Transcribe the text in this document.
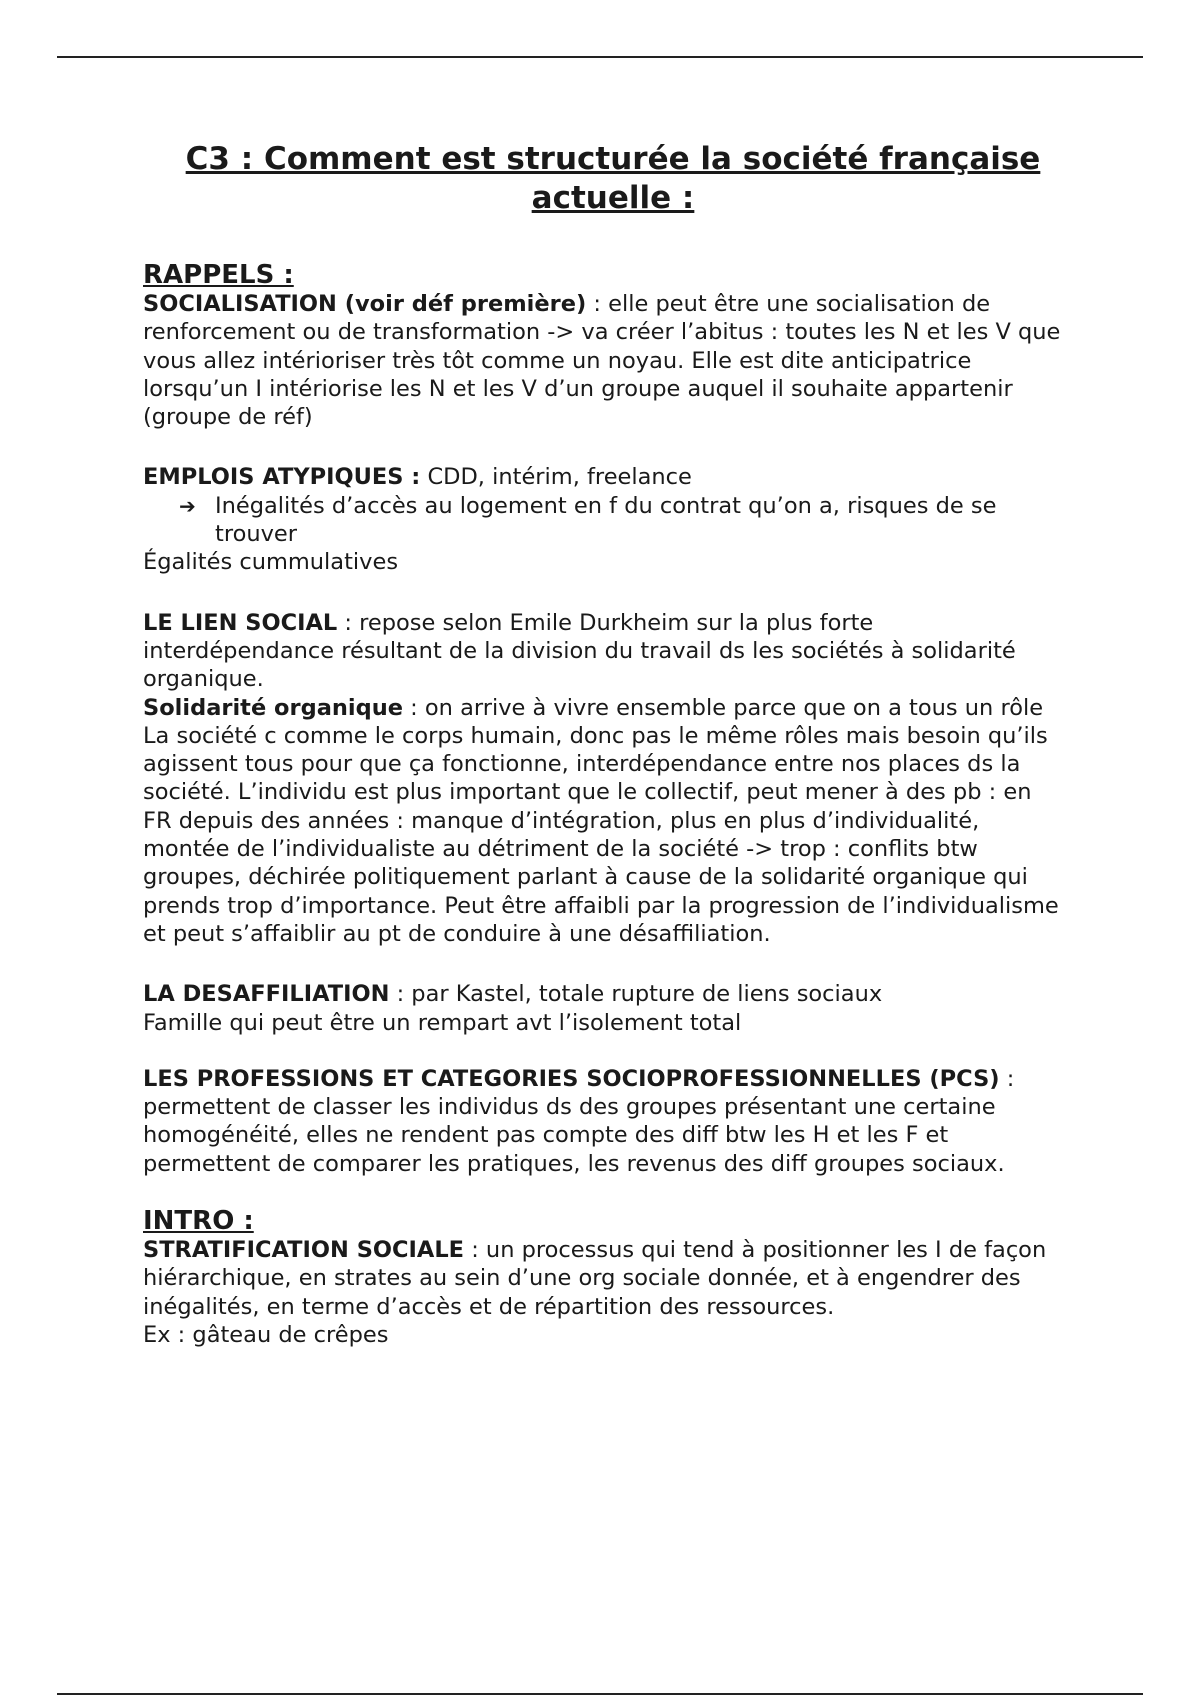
C3 : Comment est structurée la société française actuelle :
RAPPELS :

SOCIALISATION (voir déf première) : elle peut être une socialisation de renforcement ou de transformation -> va créer l’abitus : toutes les N et les V que vous allez intérioriser très tôt comme un noyau. Elle est dite anticipatrice lorsqu’un I intériorise les N et les V d’un groupe auquel il souhaite appartenir (groupe de réf)

EMPLOIS ATYPIQUES : CDD, intérim, freelance

➔ Inégalités d’accès au logement en f du contrat qu’on a, risques de se trouver

Égalités cummulatives

LE LIEN SOCIAL : repose selon Emile Durkheim sur la plus forte interdépendance résultant de la division du travail ds les sociétés à solidarité organique.

Solidarité organique : on arrive à vivre ensemble parce que on a tous un rôle

La société c comme le corps humain, donc pas le même rôles mais besoin qu’ils agissent tous pour que ça fonctionne, interdépendance entre nos places ds la société. L’individu est plus important que le collectif, peut mener à des pb : en FR depuis des années : manque d’intégration, plus en plus d’individualité, montée de l’individualiste au détriment de la société -> trop : conflits btw groupes, déchirée politiquement parlant à cause de la solidarité organique qui prends trop d’importance. Peut être affaibli par la progression de l’individualisme et peut s’affaiblir au pt de conduire à une désaffiliation.

LA DESAFFILIATION : par Kastel, totale rupture de liens sociaux

Famille qui peut être un rempart avt l’isolement total

LES PROFESSIONS ET CATEGORIES SOCIOPROFESSIONNELLES (PCS) : permettent de classer les individus ds des groupes présentant une certaine homogénéité, elles ne rendent pas compte des diff btw les H et les F et permettent de comparer les pratiques, les revenus des diff groupes sociaux.

INTRO :

STRATIFICATION SOCIALE : un processus qui tend à positionner les I de façon hiérarchique, en strates au sein d’une org sociale donnée, et à engendrer des inégalités, en terme d’accès et de répartition des ressources.

Ex : gâteau de crêpes
